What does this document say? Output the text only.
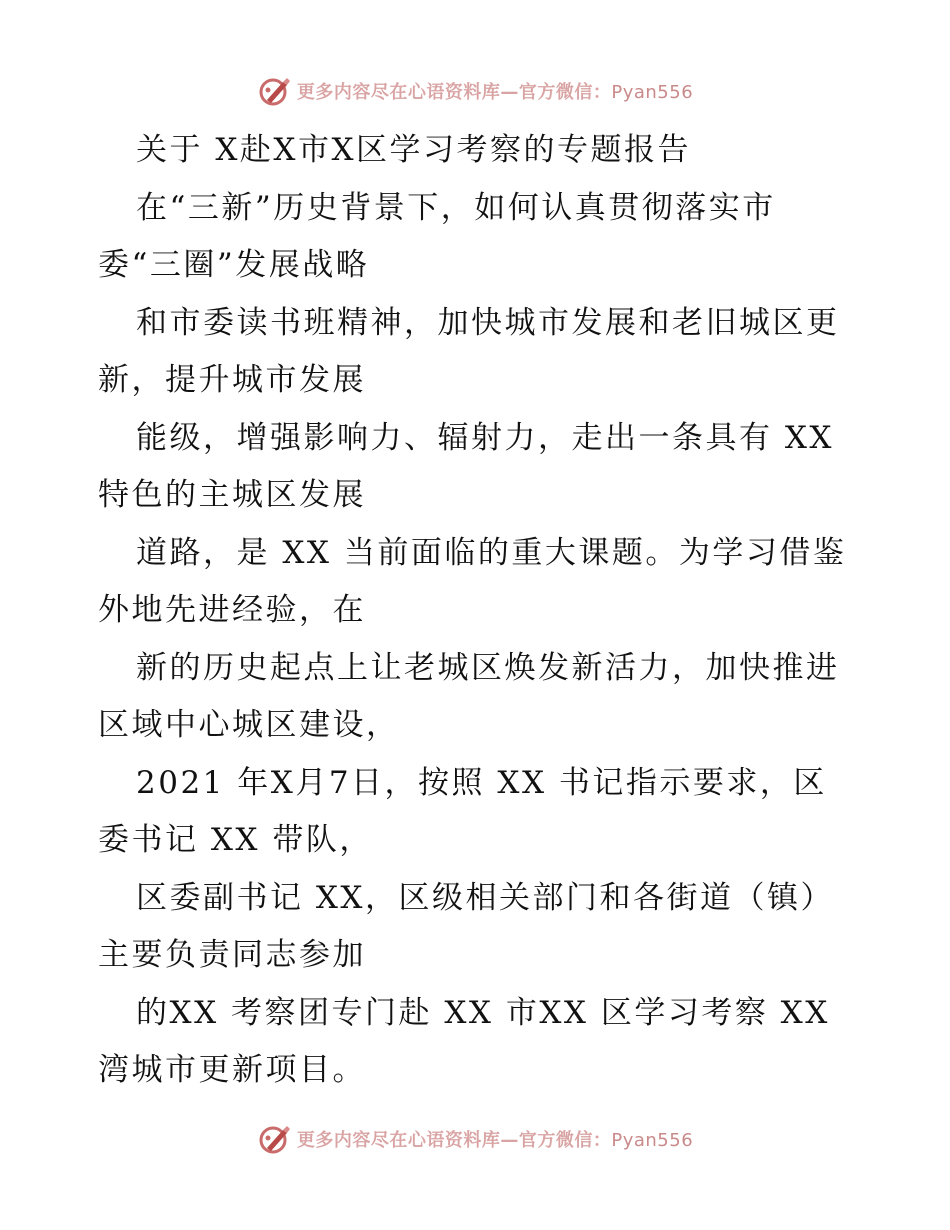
更多内容尽在心语资料库—官方微信：Pyan556
关于 X赴X市X区学习考察的专题报告
在“三新”历史背景下，如何认真贯彻落实市
委“三圈”发展战略
和市委读书班精神，加快城市发展和老旧城区更
新，提升城市发展
能级，增强影响力、辐射力，走出一条具有 XX
特色的主城区发展
道路，是 XX 当前面临的重大课题。为学习借鉴
外地先进经验，在
新的历史起点上让老城区焕发新活力，加快推进
区域中心城区建设，
2021 年X月7日，按照 XX 书记指示要求，区
委书记 XX 带队，
区委副书记 XX，区级相关部门和各街道（镇）
主要负责同志参加
的XX 考察团专门赴 XX 市XX 区学习考察 XX
湾城市更新项目。
更多内容尽在心语资料库—官方微信：Pyan556
